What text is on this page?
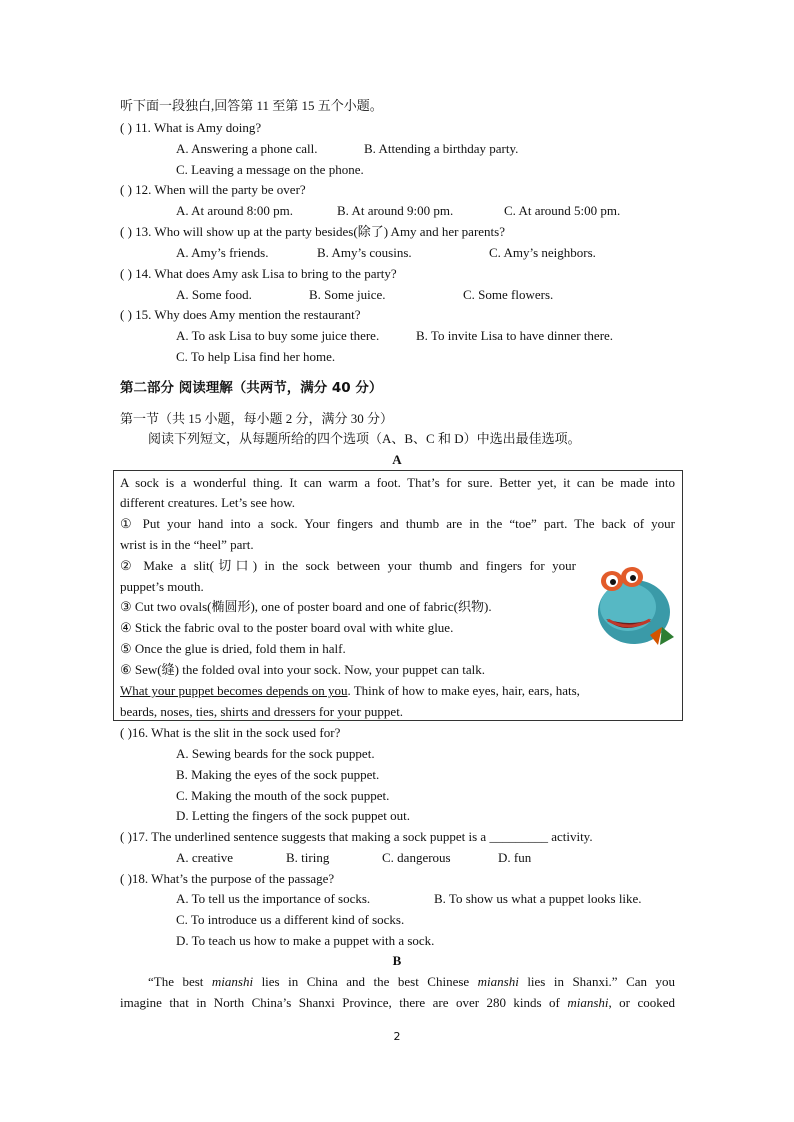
听下面一段独白,回答第 11 至第 15 五个小题。
( ) 11. What is Amy doing?
A. Answering a phone call.	B. Attending a birthday party.
C. Leaving a message on the phone.
( ) 12. When will the party be over?
A. At around 8:00 pm.	B. At around 9:00 pm.	C. At around 5:00 pm.
( ) 13. Who will show up at the party besides(除了) Amy and her parents?
A. Amy’s friends.	B. Amy’s cousins.	C. Amy’s neighbors.
( ) 14. What does Amy ask Lisa to bring to the party?
A. Some food.	B. Some juice.	C. Some flowers.
( ) 15. Why does Amy mention the restaurant?
A. To ask Lisa to buy some juice there.	B. To invite Lisa to have dinner there.
C. To help Lisa find her home.
第二部分 阅读理解（共两节，满分 40 分）
第一节（共 15 小题，每小题 2 分，满分 30 分）
阅读下列短文，从每题所给的四个选项（A、B、C 和 D）中选出最佳选项。
A
A sock is a wonderful thing. It can warm a foot. That’s for sure. Better yet, it can be made into
different creatures. Let’s see how.
① Put your hand into a sock. Your fingers and thumb are in the “toe” part. The back of your
wrist is in the “heel” part.
② Make a slit(切口) in the sock between your thumb and fingers for your
puppet’s mouth.
③ Cut two ovals(椭圆形), one of poster board and one of fabric(织物).
④ Stick the fabric oval to the poster board oval with white glue.
⑤ Once the glue is dried, fold them in half.
⑥ Sew(缝) the folded oval into your sock. Now, your puppet can talk.
What your puppet becomes depends on you. Think of how to make eyes, hair, ears, hats,
beards, noses, ties, shirts and dressers for your puppet.
( )16. What is the slit in the sock used for?
A. Sewing beards for the sock puppet.
B. Making the eyes of the sock puppet.
C. Making the mouth of the sock puppet.
D. Letting the fingers of the sock puppet out.
( )17. The underlined sentence suggests that making a sock puppet is a _________ activity.
A. creative	B. tiring	C. dangerous	D. fun
( )18. What’s the purpose of the passage?
A. To tell us the importance of socks.	B. To show us what a puppet looks like.
C. To introduce us a different kind of socks.
D. To teach us how to make a puppet with a sock.
B
“The best mianshi lies in China and the best Chinese mianshi lies in Shanxi.” Can you
imagine that in North China’s Shanxi Province, there are over 280 kinds of mianshi, or cooked
2
